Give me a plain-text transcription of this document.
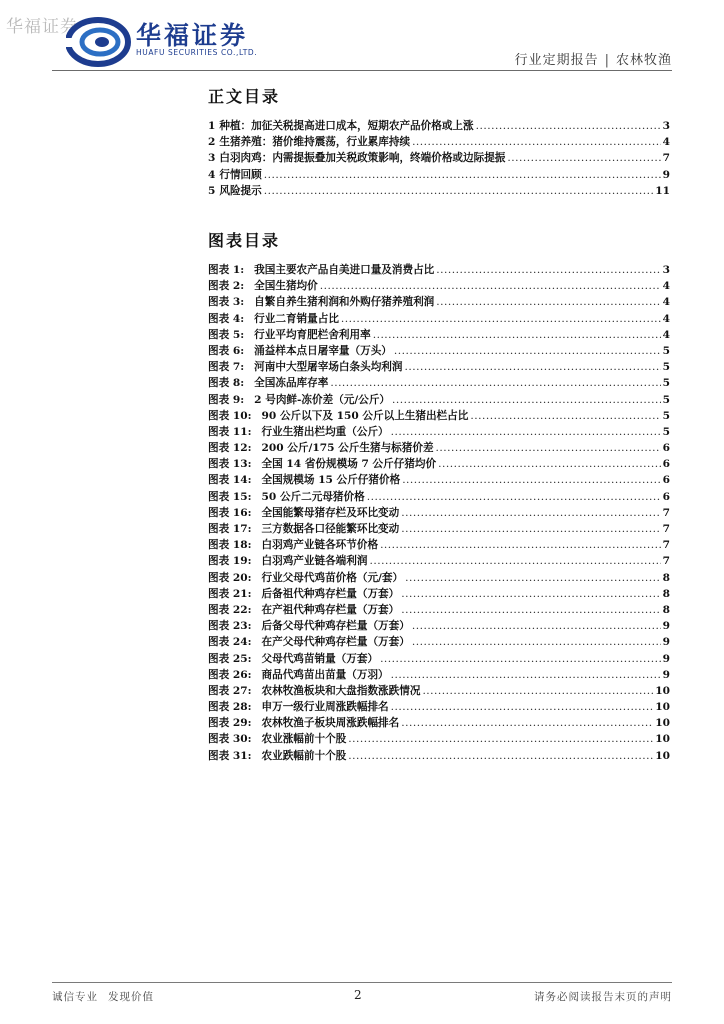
华福证券 华福证券
HUAFU SECURITIES CO.,LTD.
行业定期报告 | 农林牧渔
正文目录
1 种植：加征关税提高进口成本，短期农产品价格或上涨 .....	3
2 生猪养殖：猪价维持震荡，行业累库持续 .....	4
3 白羽肉鸡：内需提振叠加关税政策影响，终端价格或边际提振 .....	7
4 行情回顾 .....	9
5 风险提示 .....	11
图表目录
图表 1: 我国主要农产品自美进口量及消费占比 .....	3
图表 2: 全国生猪均价 .....	4
图表 3: 自繁自养生猪利润和外购仔猪养殖利润 .....	4
图表 4: 行业二育销量占比 .....	4
图表 5: 行业平均育肥栏舍利用率 .....	4
图表 6: 涌益样本点日屠宰量（万头） .....	5
图表 7: 河南中大型屠宰场白条头均利润 .....	5
图表 8: 全国冻品库存率 .....	5
图表 9: 2 号肉鲜-冻价差（元/公斤） .....	5
图表 10: 90 公斤以下及 150 公斤以上生猪出栏占比 .....	5
图表 11: 行业生猪出栏均重（公斤） .....	5
图表 12: 200 公斤/175 公斤生猪与标猪价差 .....	6
图表 13: 全国 14 省份规模场 7 公斤仔猪均价 .....	6
图表 14: 全国规模场 15 公斤仔猪价格 .....	6
图表 15: 50 公斤二元母猪价格 .....	6
图表 16: 全国能繁母猪存栏及环比变动 .....	7
图表 17: 三方数据各口径能繁环比变动 .....	7
图表 18: 白羽鸡产业链各环节价格 .....	7
图表 19: 白羽鸡产业链各端利润 .....	7
图表 20: 行业父母代鸡苗价格（元/套） .....	8
图表 21: 后备祖代种鸡存栏量（万套） .....	8
图表 22: 在产祖代种鸡存栏量（万套） .....	8
图表 23: 后备父母代种鸡存栏量（万套） .....	9
图表 24: 在产父母代种鸡存栏量（万套） .....	9
图表 25: 父母代鸡苗销量（万套） .....	9
图表 26: 商品代鸡苗出苗量（万羽） .....	9
图表 27: 农林牧渔板块和大盘指数涨跌情况 .....	10
图表 28: 申万一级行业周涨跌幅排名 .....	10
图表 29: 农林牧渔子板块周涨跌幅排名 .....	10
图表 30: 农业涨幅前十个股 .....	10
图表 31: 农业跌幅前十个股 .....	10
诚信专业 发现价值	2	请务必阅读报告末页的声明
